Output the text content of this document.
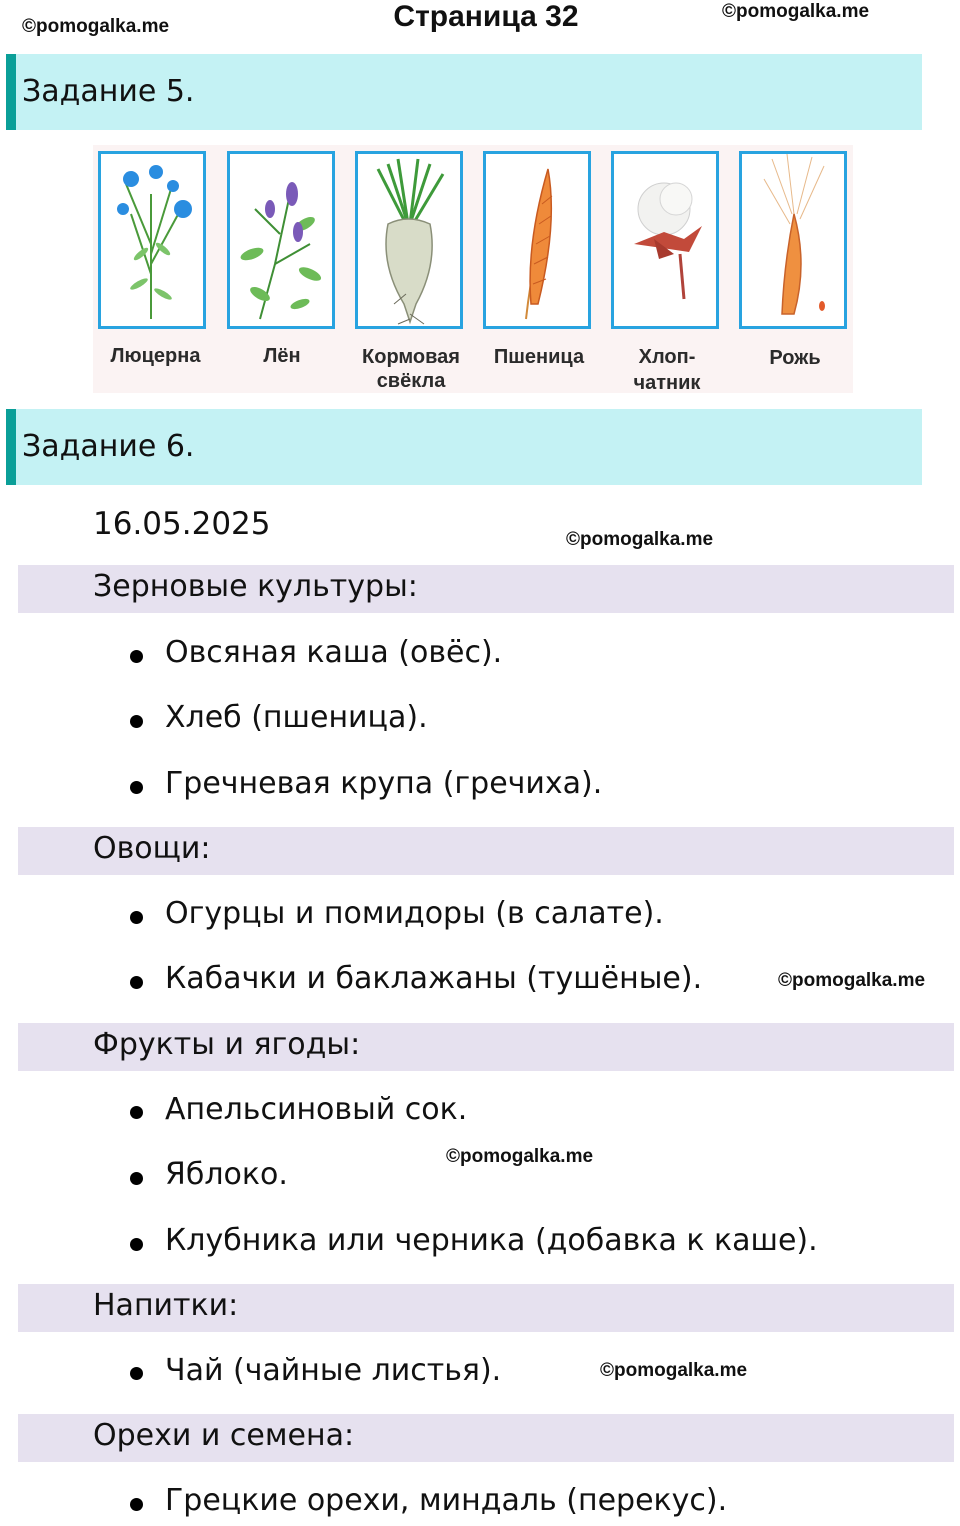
©pomogalka.me	Страница 32	©pomogalka.me
Задание 5.
Люцерна	Лён	Кормовая
свёкла
Пшеница	Хлоп-
чатник
Рожь
Задание 6.
16.05.2025	©pomogalka.me
Зерновые культуры:
Овсяная каша (овёс).
Хлеб (пшеница).
Гречневая крупа (гречиха).
Овощи:
Огурцы и помидоры (в салате).
Кабачки и баклажаны (тушёные).	©pomogalka.me
Фрукты и ягоды:
Апельсиновый сок.
Яблоко.
©pomogalka.me
Клубника или черника (добавка к каше).
Напитки:
Чай (чайные листья).	©pomogalka.me
Орехи и семена:
Грецкие орехи, миндаль (перекус).
